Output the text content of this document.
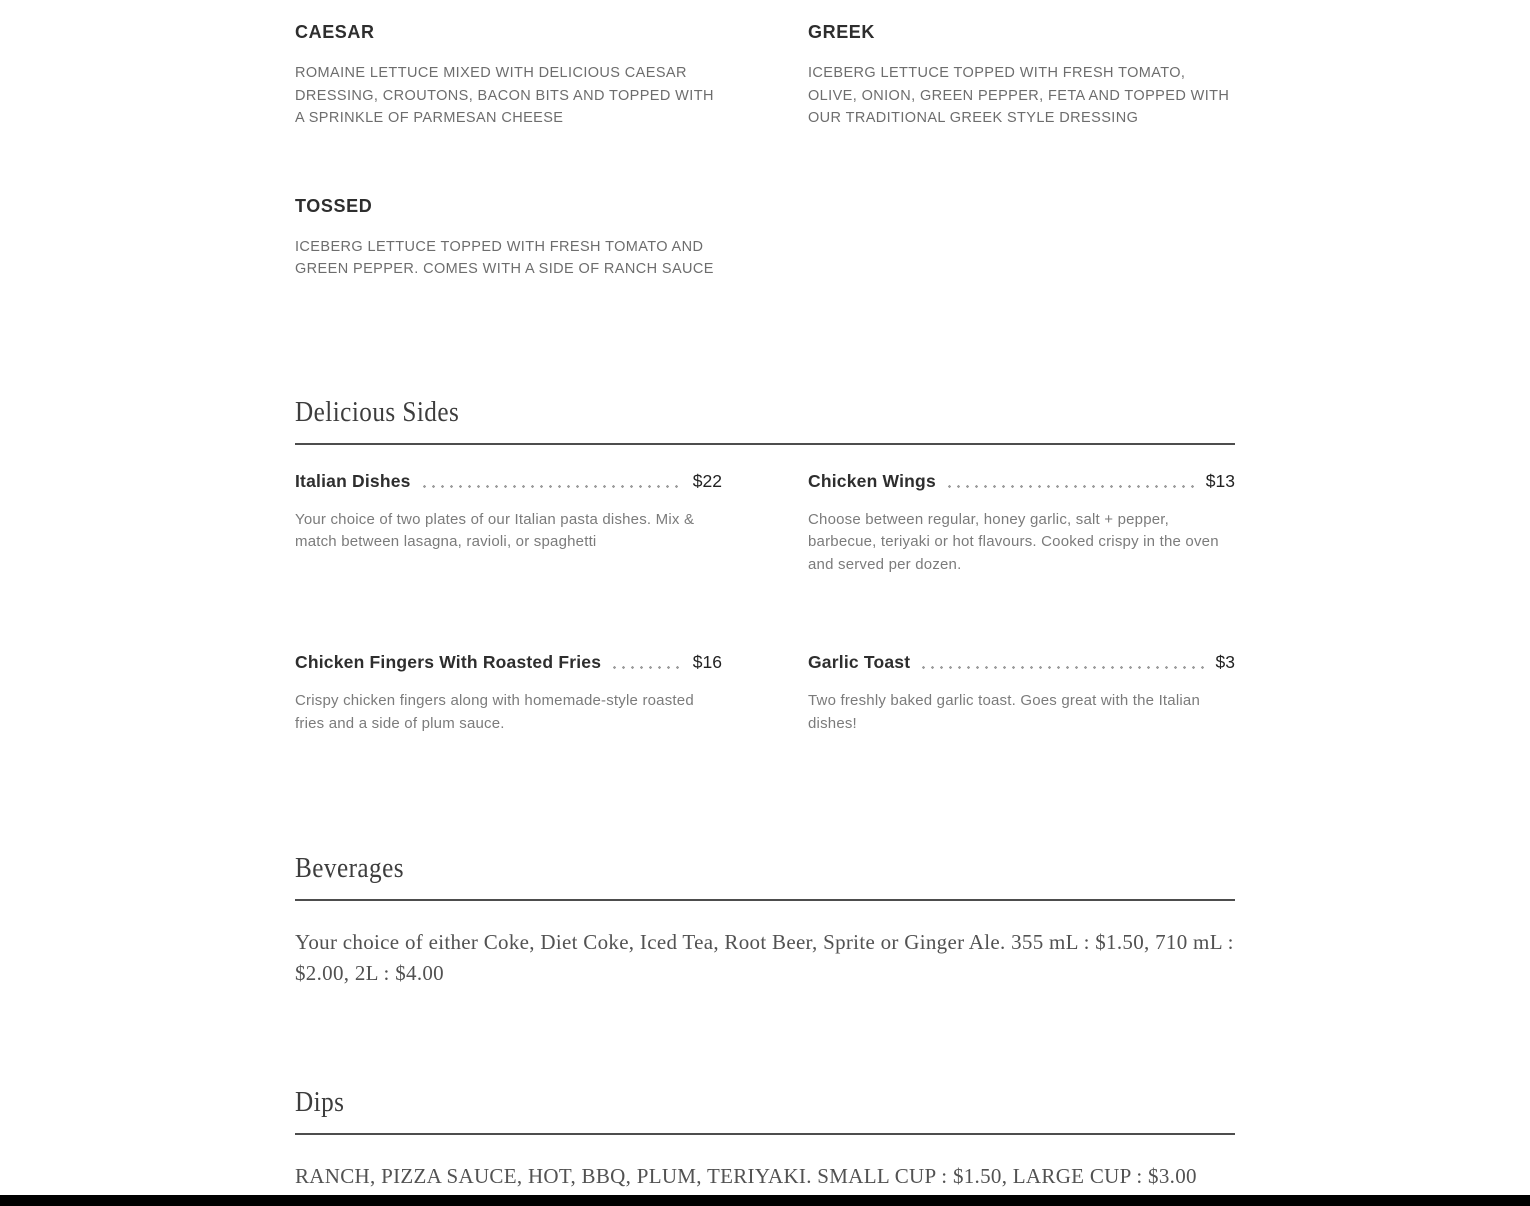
CAESAR

ROMAINE LETTUCE MIXED WITH DELICIOUS CAESAR DRESSING, CROUTONS, BACON BITS AND TOPPED WITH A SPRINKLE OF PARMESAN CHEESE

GREEK

ICEBERG LETTUCE TOPPED WITH FRESH TOMATO, OLIVE, ONION, GREEN PEPPER, FETA AND TOPPED WITH OUR TRADITIONAL GREEK STYLE DRESSING

TOSSED

ICEBERG LETTUCE TOPPED WITH FRESH TOMATO AND GREEN PEPPER. COMES WITH A SIDE OF RANCH SAUCE

Delicious Sides
Italian Dishes	$22

Your choice of two plates of our Italian pasta dishes. Mix & match between lasagna, ravioli, or spaghetti

Chicken Wings	$13

Choose between regular, honey garlic, salt + pepper, barbecue, teriyaki or hot flavours. Cooked crispy in the oven and served per dozen.

Chicken Fingers With Roasted Fries	$16

Crispy chicken fingers along with homemade-style roasted fries and a side of plum sauce.

Garlic Toast	$3

Two freshly baked garlic toast. Goes great with the Italian dishes!

Beverages

Your choice of either Coke, Diet Coke, Iced Tea, Root Beer, Sprite or Ginger Ale. 355 mL : $1.50, 710 mL : $2.00, 2L : $4.00

Dips

RANCH, PIZZA SAUCE, HOT, BBQ, PLUM, TERIYAKI. SMALL CUP : $1.50, LARGE CUP : $3.00
